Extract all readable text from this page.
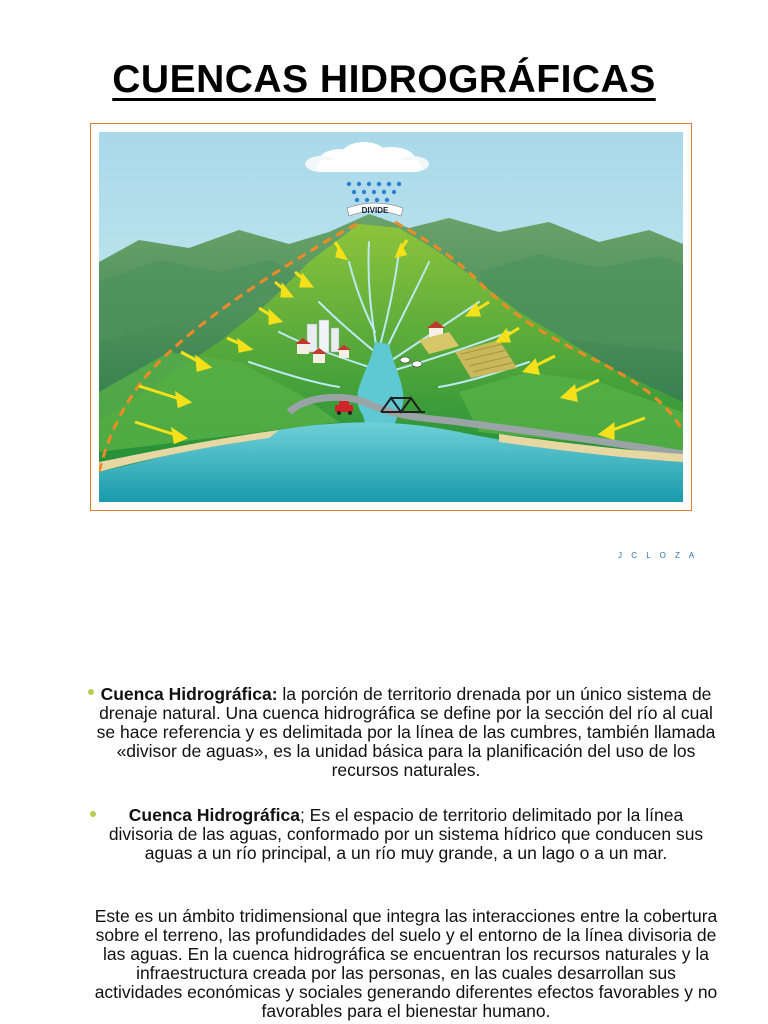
CUENCAS HIDROGRÁFICAS
DIVIDE
J C L O Z A
Cuenca Hidrográfica: la porción de territorio drenada por un único sistema de drenaje natural. Una cuenca hidrográfica se define por la sección del río al cual se hace referencia y es delimitada por la línea de las cumbres, también llamada «divisor de aguas», es la unidad básica para la planificación del uso de los recursos naturales.
Cuenca Hidrográfica; Es el espacio de territorio delimitado por la línea divisoria de las aguas, conformado por un sistema hídrico que conducen sus aguas a un río principal, a un río muy grande, a un lago o a un mar.
Este es un ámbito tridimensional que integra las interacciones entre la cobertura sobre el terreno, las profundidades del suelo y el entorno de la línea divisoria de las aguas. En la cuenca hidrográfica se encuentran los recursos naturales y la infraestructura creada por las personas, en las cuales desarrollan sus actividades económicas y sociales generando diferentes efectos favorables y no favorables para el bienestar humano.
